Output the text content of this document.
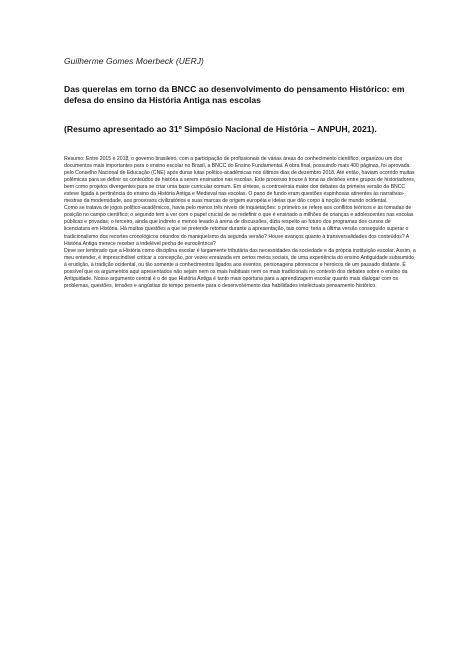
Guilherme Gomes Moerbeck (UERJ)
Das querelas em torno da BNCC ao desenvolvimento do pensamento Histórico: em defesa do ensino da História Antiga nas escolas
(Resumo apresentado ao 31º Simpósio Nacional de História – ANPUH, 2021).

Resumo: Entre 2015 e 2018, o governo brasileiro, com a participação de profissionais de várias áreas do conhecimento científico, organizou um dos documentos mais importantes para o ensino escolar no Brasil, a BNCC do Ensino Fundamental. A obra final, possuindo mais 400 páginas, foi aprovada pelo Conselho Nacional de Educação (CNE) após duras lutas político-acadêmicas nos últimos dias de dezembro 2018. Até então, haviam ocorrido muitas polêmicas para se definir os conteúdos de história a serem ensinados nas escolas. Este processo trouxe à tona as divisões entre grupos de historiadores, bem como projetos divergentes para se criar uma base curricular comum. Em síntese, a controvérsia maior dos debates da primeira versão da BNCC esteve ligada à pertinência do ensino da História Antiga e Medieval nas escolas. O pano de fundo eram questões espinhosas atinentes às narrativas-mestras da modernidade, aos processos civilizatórios e suas marcas de origem européia e ideias que dão corpo à noção de mundo ocidental.

Como se tratava de jogos político-acadêmicos, havia pelo menos três níveis de inquietações: o primeiro se refere aos conflitos teóricos e às tomadas de posição no campo científico; o segundo tem a ver com o papel crucial de se redefinir o que é ensinado a milhões de crianças e adolescentes nas escolas públicas e privadas; o terceiro, ainda que indireto e menos levado à arena de discussões, dizia respeito ao futuro dos programas dos cursos de licenciatura em História. Há muitas questões a que se pretende retomar durante a apresentação, tais como: teria a última versão conseguido superar o tradicionalismo dos recortes cronológicos oriundos do maniqueísmo da segunda versão? Houve avanços quanto à transversalidades dos conteúdos? A História Antiga merece receber a indelével pecha de eurocêntrica?

Deve ser lembrado que a História como disciplina escolar é largamente tributária das necessidades da sociedade e da própria instituição escolar. Assim, a meu entender, é imprescindível criticar a concepção, por vezes enraizada em certos meios sociais, de uma experiência do ensino Antiguidade subsumido à erudição, à tradição ocidental, ou tão somente a conhecimentos ligados aos eventos, personagens pitorescos e heroicos de um passado distante. É possível que os argumentos aqui apresentados não sejam nem os mais habituais nem os mais tradicionais no contexto dos debates sobre o ensino da Antiguidade. Nosso argumento central é o de que História Antiga é tanto mais oportuna para a aprendizagem escolar quanto mais dialogar com os problemas, questões, tensões e angústias do tempo presente para o desenvolvimento das habilidades intelectuais pensamento histórico.
